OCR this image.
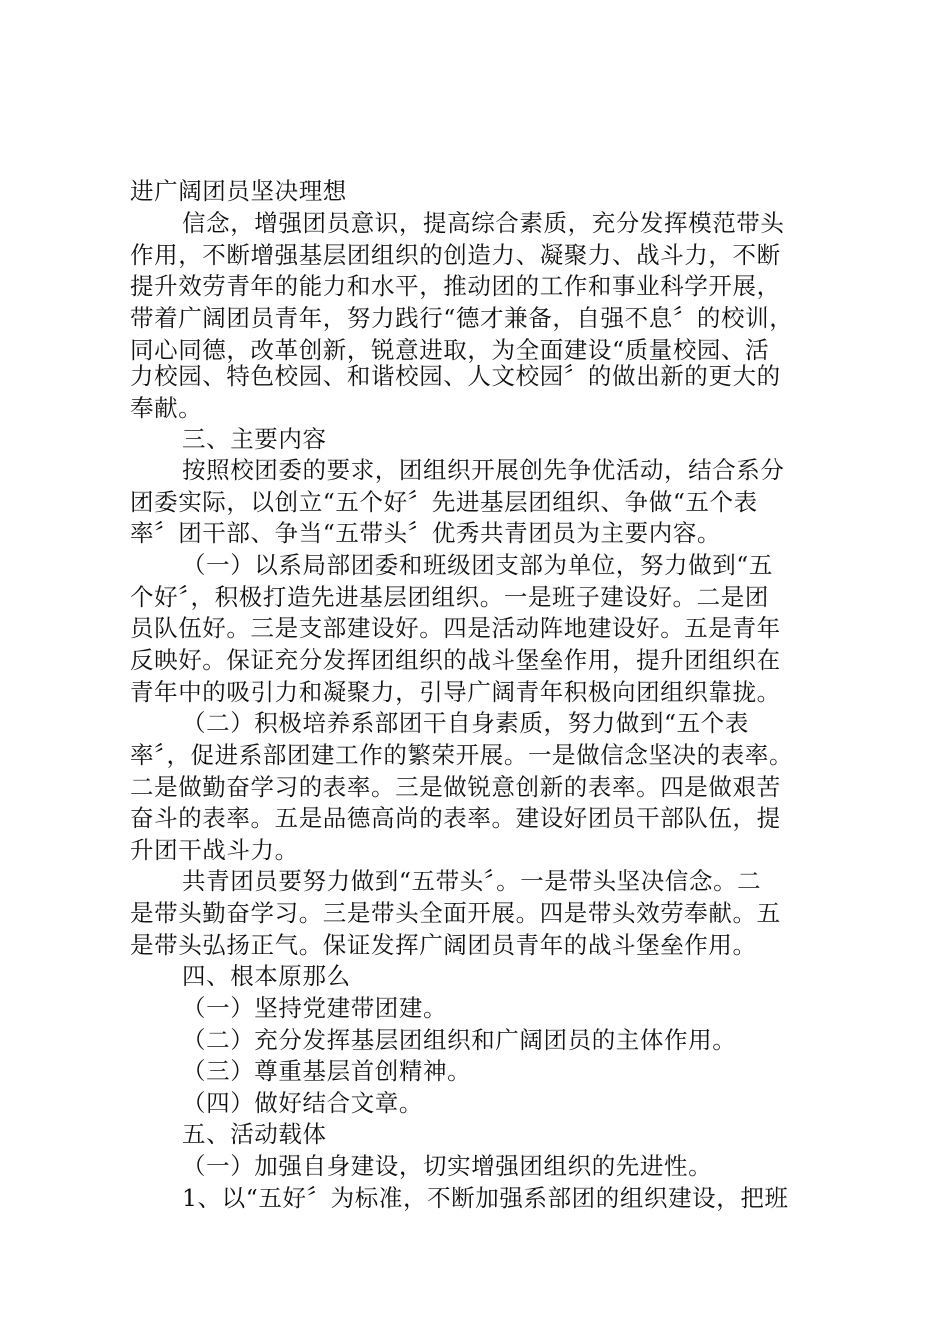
进广阔团员坚决理想
信念，增强团员意识，提高综合素质，充分发挥模范带头
作用，不断增强基层团组织的创造力、凝聚力、战斗力，不断
提升效劳青年的能力和水平，推动团的工作和事业科学开展，
带着广阔团员青年，努力践行“德才兼备，自强不息〞的校训，
同心同德，改革创新，锐意进取，为全面建设“质量校园、活
力校园、特色校园、和谐校园、人文校园〞的做出新的更大的
奉献。
三、主要内容
按照校团委的要求，团组织开展创先争优活动，结合系分
团委实际，以创立“五个好〞先进基层团组织、争做“五个表
率〞团干部、争当“五带头〞优秀共青团员为主要内容。
（一）以系局部团委和班级团支部为单位，努力做到“五
个好〞，积极打造先进基层团组织。一是班子建设好。二是团
员队伍好。三是支部建设好。四是活动阵地建设好。五是青年
反映好。保证充分发挥团组织的战斗堡垒作用，提升团组织在
青年中的吸引力和凝聚力，引导广阔青年积极向团组织靠拢。
（二）积极培养系部团干自身素质，努力做到“五个表
率〞，促进系部团建工作的繁荣开展。一是做信念坚决的表率。
二是做勤奋学习的表率。三是做锐意创新的表率。四是做艰苦
奋斗的表率。五是品德高尚的表率。建设好团员干部队伍，提
升团干战斗力。
共青团员要努力做到“五带头〞。一是带头坚决信念。二
是带头勤奋学习。三是带头全面开展。四是带头效劳奉献。五
是带头弘扬正气。保证发挥广阔团员青年的战斗堡垒作用。
四、根本原那么
（一）坚持党建带团建。
（二）充分发挥基层团组织和广阔团员的主体作用。
（三）尊重基层首创精神。
（四）做好结合文章。
五、活动载体
（一）加强自身建设，切实增强团组织的先进性。
1、以“五好〞为标准，不断加强系部团的组织建设，把班
